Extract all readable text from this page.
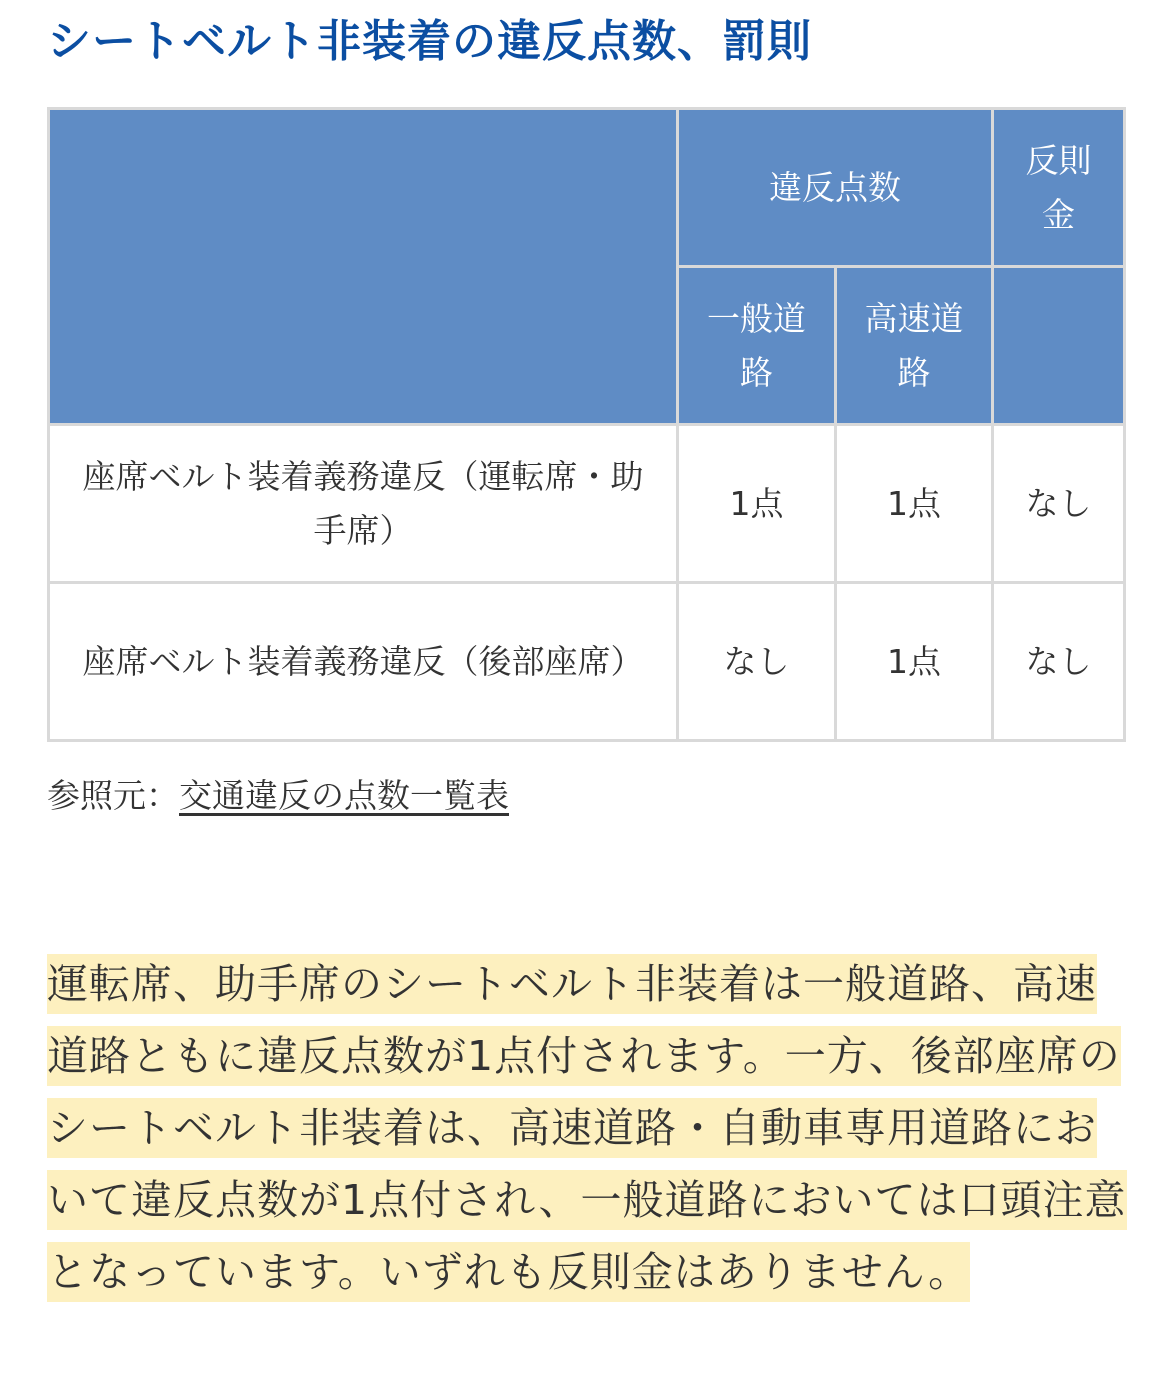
シートベルト非装着の違反点数、罰則
	違反点数		反則金
	一般道路	高速道路	
座席ベルト装着義務違反（運転席・助手席）	1点	1点	なし
座席ベルト装着義務違反（後部座席）	なし	1点	なし
参照元：交通違反の点数一覧表

運転席、助手席のシートベルト非装着は一般道路、高速道路ともに違反点数が1点付されます。一方、後部座席のシートベルト非装着は、高速道路・自動車専用道路において違反点数が1点付され、一般道路においては口頭注意となっています。いずれも反則金はありません。
